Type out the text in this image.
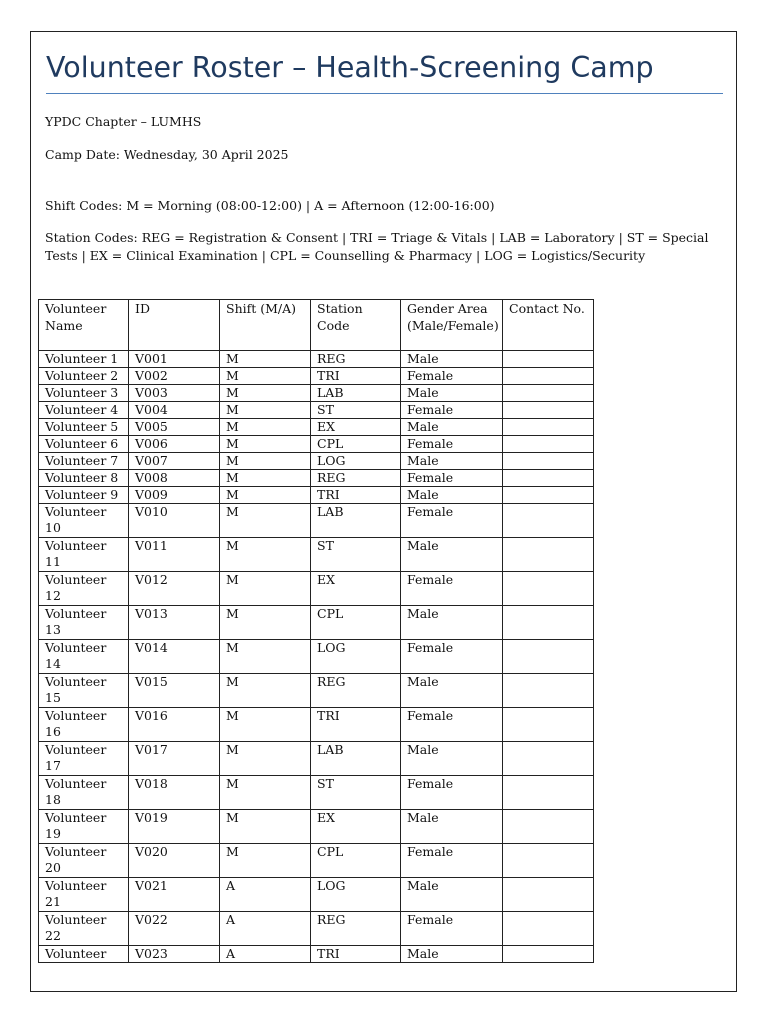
Volunteer Roster – Health-Screening Camp

YPDC Chapter – LUMHS

Camp Date: Wednesday, 30 April 2025

Shift Codes: M = Morning (08:00-12:00) | A = Afternoon (12:00-16:00)

Station Codes: REG = Registration & Consent | TRI = Triage & Vitals | LAB = Laboratory | ST = Special Tests | EX = Clinical Examination | CPL = Counselling & Pharmacy | LOG = Logistics/Security

Volunteer Name	ID	Shift (M/A)	Station Code	Gender Area (Male/Female)	Contact No.
Volunteer 1	V001	M	REG	Male	
Volunteer 2	V002	M	TRI	Female	
Volunteer 3	V003	M	LAB	Male	
Volunteer 4	V004	M	ST	Female	
Volunteer 5	V005	M	EX	Male	
Volunteer 6	V006	M	CPL	Female	
Volunteer 7	V007	M	LOG	Male	
Volunteer 8	V008	M	REG	Female	
Volunteer 9	V009	M	TRI	Male	
Volunteer 10	V010	M	LAB	Female	
Volunteer 11	V011	M	ST	Male	
Volunteer 12	V012	M	EX	Female	
Volunteer 13	V013	M	CPL	Male	
Volunteer 14	V014	M	LOG	Female	
Volunteer 15	V015	M	REG	Male	
Volunteer 16	V016	M	TRI	Female	
Volunteer 17	V017	M	LAB	Male	
Volunteer 18	V018	M	ST	Female	
Volunteer 19	V019	M	EX	Male	
Volunteer 20	V020	M	CPL	Female	
Volunteer 21	V021	A	LOG	Male	
Volunteer 22	V022	A	REG	Female	
Volunteer	V023	A	TRI	Male	
